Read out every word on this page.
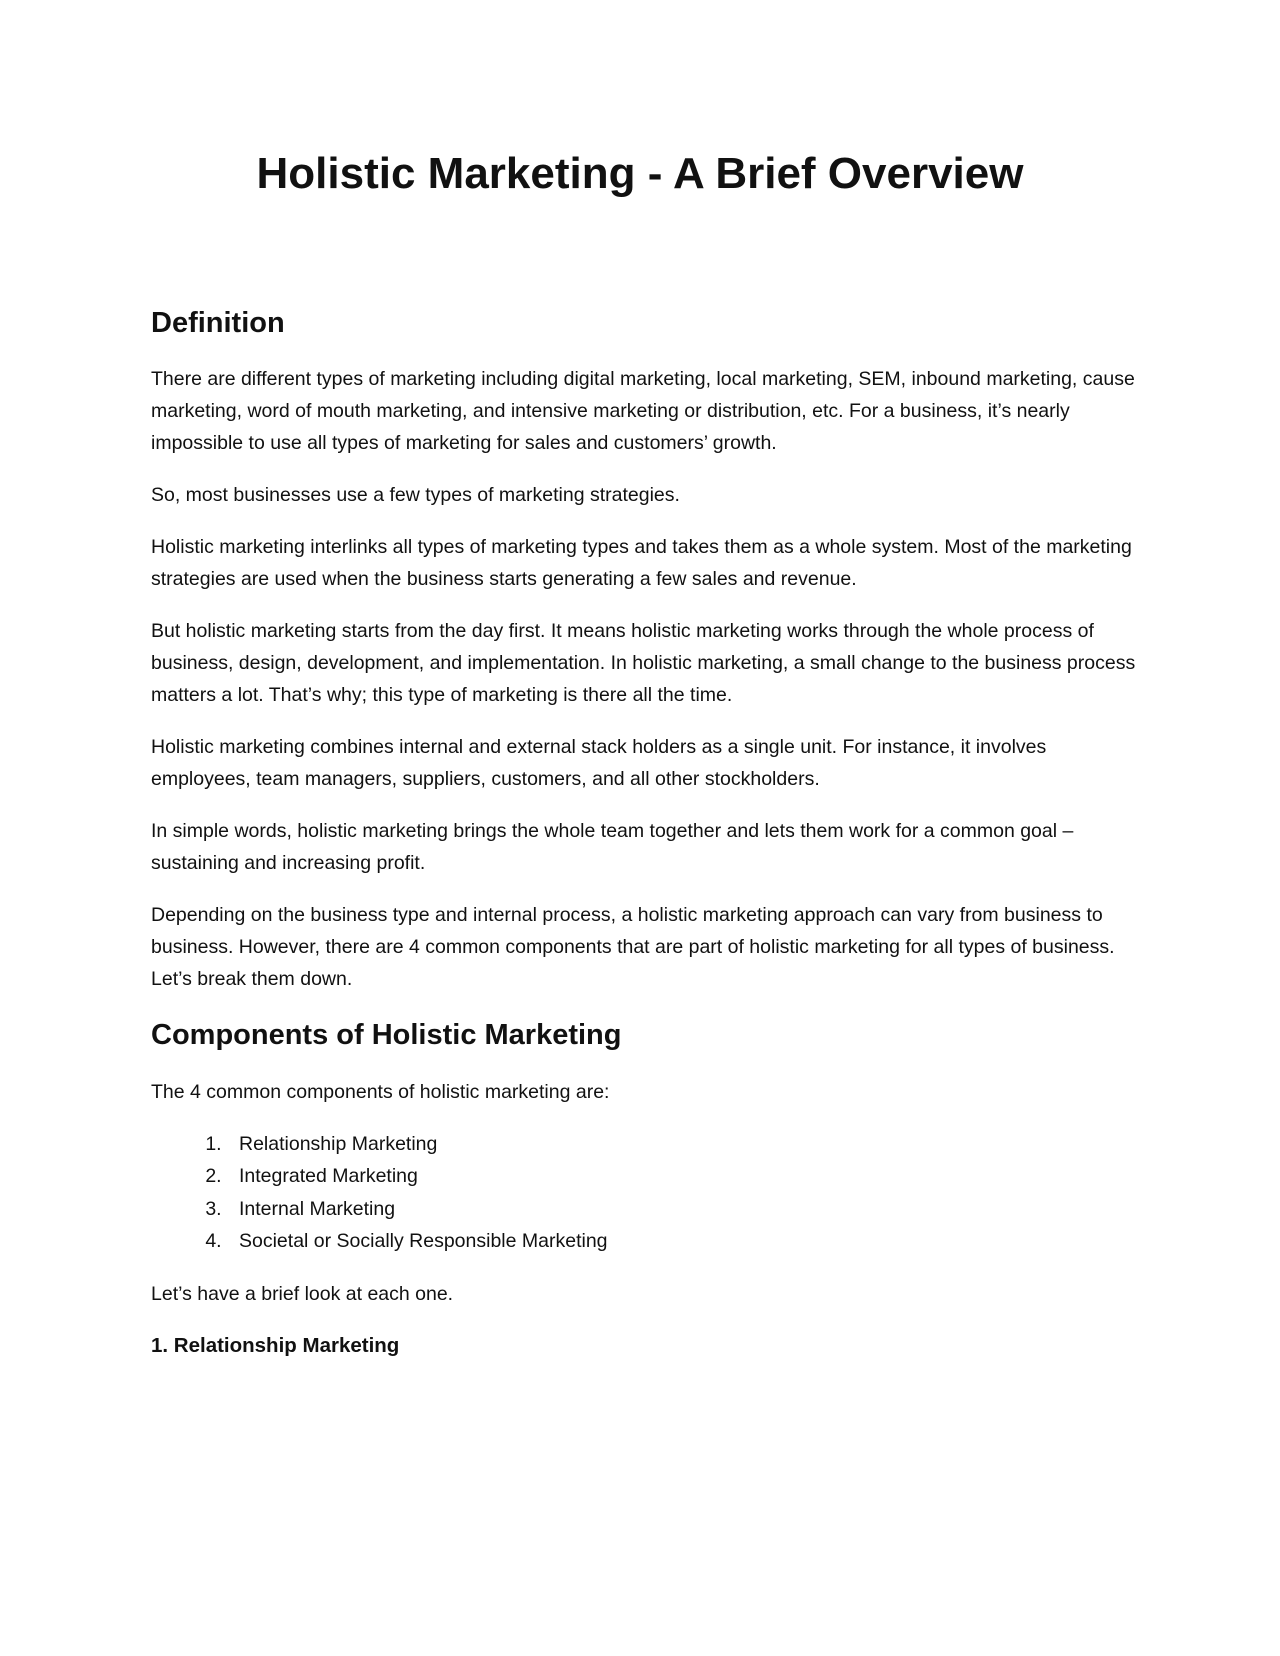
Holistic Marketing - A Brief Overview
Definition

There are different types of marketing including digital marketing, local marketing, SEM, inbound marketing, cause marketing, word of mouth marketing, and intensive marketing or distribution, etc. For a business, it’s nearly impossible to use all types of marketing for sales and customers’ growth.

So, most businesses use a few types of marketing strategies.

Holistic marketing interlinks all types of marketing types and takes them as a whole system. Most of the marketing strategies are used when the business starts generating a few sales and revenue.

But holistic marketing starts from the day first. It means holistic marketing works through the whole process of business, design, development, and implementation. In holistic marketing, a small change to the business process matters a lot. That’s why; this type of marketing is there all the time.

Holistic marketing combines internal and external stack holders as a single unit. For instance, it involves employees, team managers, suppliers, customers, and all other stockholders.

In simple words, holistic marketing brings the whole team together and lets them work for a common goal – sustaining and increasing profit.

Depending on the business type and internal process, a holistic marketing approach can vary from business to business. However, there are 4 common components that are part of holistic marketing for all types of business. Let’s break them down.

Components of Holistic Marketing

The 4 common components of holistic marketing are:

1. Relationship Marketing
2. Integrated Marketing
3. Internal Marketing
4. Societal or Socially Responsible Marketing

Let’s have a brief look at each one.

1. Relationship Marketing
